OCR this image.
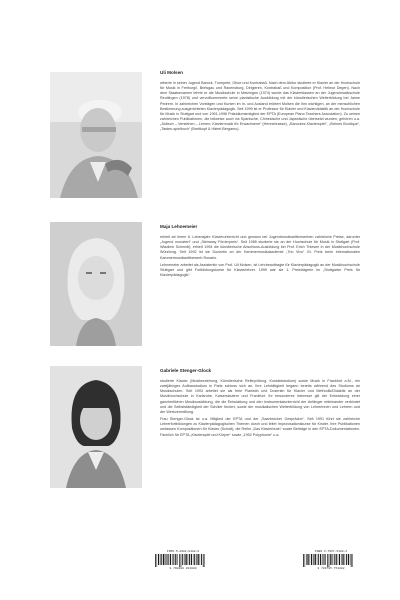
Uli Molsen

wiberte in seiner Jugend Barock, Trompete, Oboe und Kontrabaß. Nach dem Abitur studierte er Klavier an der Hochschule für Musik in Freiburg/i. Breisgau und Ravensburg, Dirigieren, Kontrabaß und Komposition (Prof. Helmut Degen). Nach dem Staatsexamen lehrte er die Musikschule in Metzingen (1974) wurde das Klavierklassen an der Jugendmusikschule Reutlingen (1978) und vervollkommnete seine pianistische Ausbildung mit der künstlerischen Weiterbildung bei Jaime Pedrem. In zahlreichen Vorträgen und Kursen im In- und Ausland erörtert Molsen die ihm wichtigen, an der menschlichen Bestimmung ausgerichteten Klavierpädagogik. Seit 1999 ist er Professor für Klavier und Klavierdidaktik an der Hochschule für Musik in Stuttgart und von 1991-1996 Präsidiumsmitglied der EPTA (European Piano Teachers Association). Zu seinen zahlreichen Publikationen, die teilweise auch ins Spanische, Chinesische und Japanische übersetzt wurden, gehören u.a. „Jüdisch – Verstehen – Lernen; Klaviermusik für Erwachsene“ (Hennebrasse), „Barockes Klavierspiel“, „Kleines Boutique“, „Tasten-spielbuch“ (Breitkopf & Härtel Bergamo).

Maja Lehnemeier

erhielt ab ihrem 6. Lebensjahr Klavierunterricht und gewann bei Jugendmusikwettbewerben zahlreiche Preise, darunter „Jugend musiziert“ und „Steinway Förderpreis“. Seit 1985 studierte sie an der Hochschule für Musik in Stuttgart (Prof. Wladimir Schmidt), erhielt 1994 die künstlerische Abschluss-Ausbildung bei Prof. Erich Thiesen in der Musikhochschule Würzburg. Seit 1992 ist sie Dozentin an der Kammermusikakademie „Trio Vivo“ Gt. Preis beim Internationalen Kammermusikwettbewerb Rosario.

Lehnemeier arbeitet als Assistentin von Prof. Uli Molsen, ist Lehrbeauftragte für Klavierpädagogik an der Musikhochschule Stuttgart und gibt Fortbildungskurse für Klavierlehrer. 1999 war sie 1. Preisträgerin im „Stuttgarter Preis für Klavierpädagogik“.

Gabriele Stenger-Glock

studierte Klavier (Musikerziehung, Künstlerische Reifeprüfung, Kontaktstudium) sowie Musik in Frankfurt a.M., ein zweijähriges Aufbaustudium in Paris schloss sich an. Ihre Lehrtätigkeit begann bereits während des Studiums an Musikschulen. Seit 1993 arbeitet sie als freie Pianistin und Dozentin für Klavier und Methodik/Didaktik an der Musikhochschule in Karlsruhe, Kaiserslautern und Frankfurt. Ihr besonderes Interesse gilt der Entwicklung einer ganzheitlichen Musikausbildung, die die Entwicklung und den Instrumentalunterricht der Anfänger miteinander verbindet und die Selbstständigkeit der Schüler fördert, sowie der musikalischen Weiterbildung von Lehrerinnen und Lehrern und der Werkvermittlung.

Frau Stenger-Glock ist u.a. Mitglied der EPTA und der „Saarbrücker Gespräche“. Seit 1991 führt sie zahlreiche Lehrerfortbildungen zu Klavierpädagogischen Themen durch und leitet Improvisationskurse für Kinder. Ihre Publikationen umfassen Kompositionen für Klavier (Schott), die Reihe „Das Klavierbuch“ sowie Beiträge in den EPTA-Dokumentationen. Fachlich für EPTA „Klavierspiel und Körper“ sowie „1992 Polyphonie“ u.a.

ISMN M-2002-0488-0
9 790200 204880
ISBN 3-7957-5488-X
9 783795 754882
